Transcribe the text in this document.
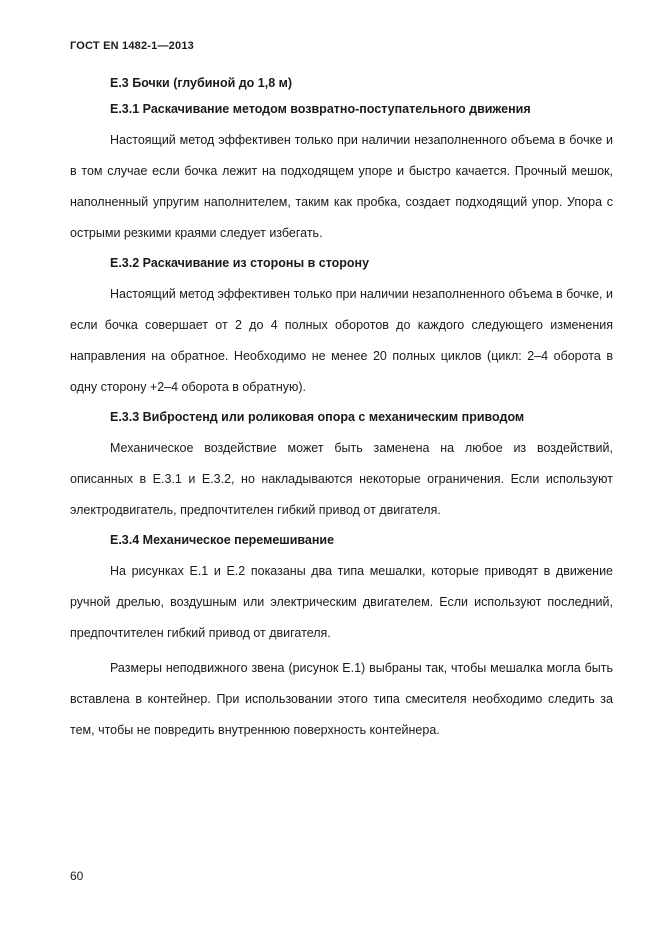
ГОСТ EN 1482-1—2013
Е.3 Бочки (глубиной до 1,8 м)
Е.3.1 Раскачивание методом возвратно-поступательного движения

Настоящий метод эффективен только при наличии незаполненного объема в бочке и в том случае если бочка лежит на подходящем упоре и быстро качается. Прочный мешок, наполненный упругим наполнителем, таким как пробка, создает подходящий упор. Упора с острыми резкими краями следует избегать.

Е.3.2 Раскачивание из стороны в сторону

Настоящий метод эффективен только при наличии незаполненного объема в бочке, и если бочка совершает от 2 до 4 полных оборотов до каждого следующего изменения направления на обратное. Необходимо не менее 20 полных циклов (цикл: 2–4 оборота в одну сторону +2–4 оборота в обратную).

Е.3.3 Вибростенд или роликовая опора с механическим приводом

Механическое воздействие может быть заменена на любое из воздействий, описанных в Е.3.1 и Е.3.2, но накладываются некоторые ограничения. Если используют электродвигатель, предпочтителен гибкий привод от двигателя.

Е.3.4 Механическое перемешивание

На рисунках Е.1 и Е.2 показаны два типа мешалки, которые приводят в движение ручной дрелью, воздушным или электрическим двигателем. Если используют последний, предпочтителен гибкий привод от двигателя.

Размеры неподвижного звена (рисунок Е.1) выбраны так, чтобы мешалка могла быть вставлена в контейнер. При использовании этого типа смесителя необходимо следить за тем, чтобы не повредить внутреннюю поверхность контейнера.

60
